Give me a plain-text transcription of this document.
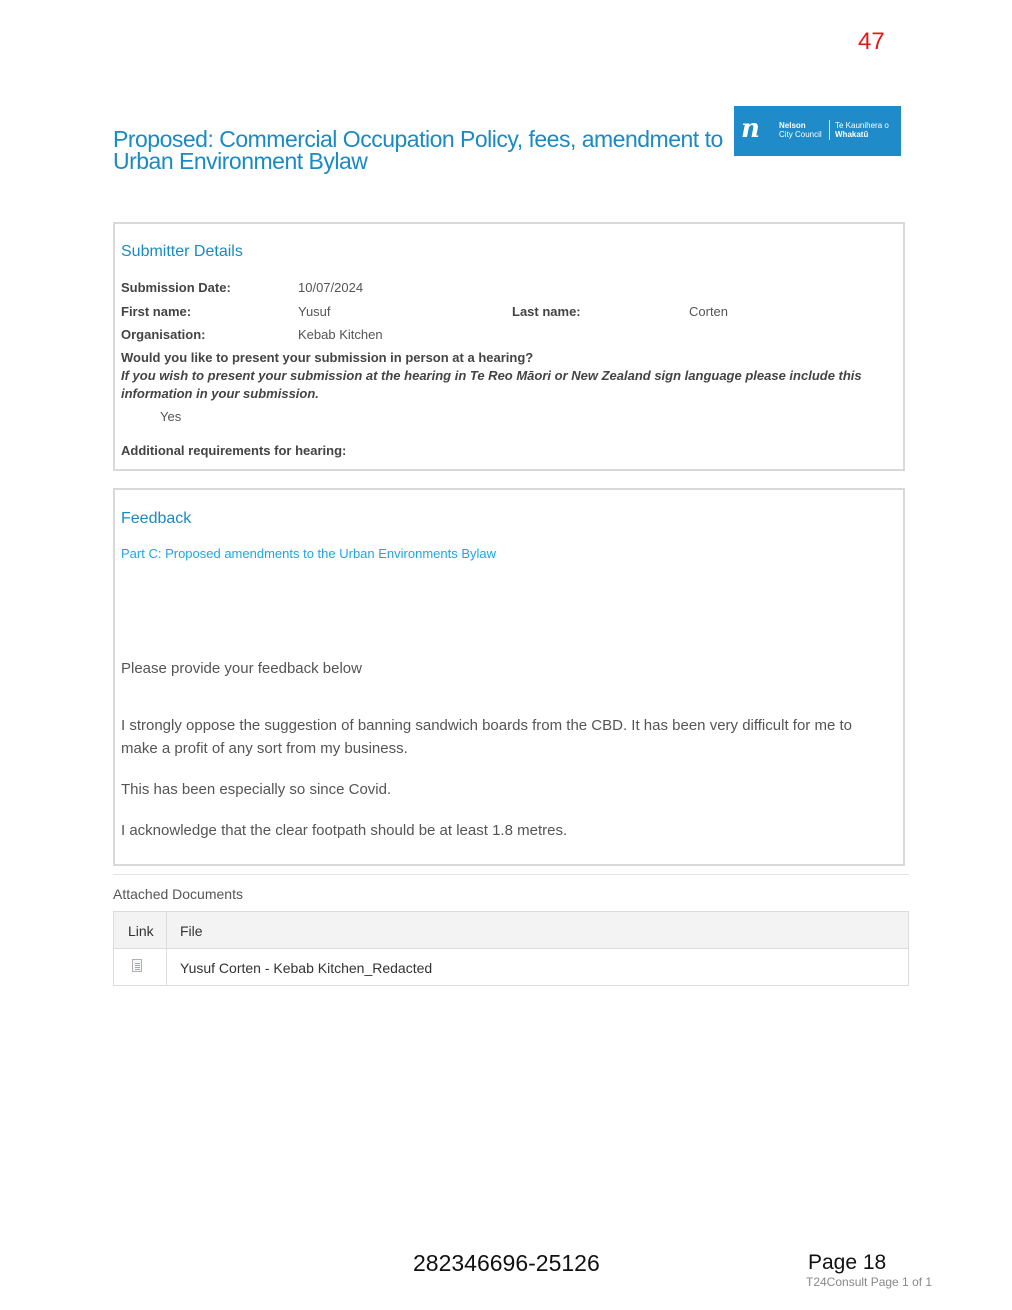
47
Proposed: Commercial Occupation Policy, fees, amendment to Urban Environment Bylaw
n Nelson
City Council
Te Kaunihera o
Whakatū
Submitter Details
Submission Date:	10/07/2024
First name:	Yusuf	Last name:	Corten
Organisation:	Kebab Kitchen
Would you like to present your submission in person at a hearing?
If you wish to present your submission at the hearing in Te Reo Māori or New Zealand sign language please include this information in your submission.
Yes
Additional requirements for hearing:
Feedback
Part C: Proposed amendments to the Urban Environments Bylaw
Please provide your feedback below
I strongly oppose the suggestion of banning sandwich boards from the CBD. It has been very difficult for me to make a profit of any sort from my business.
This has been especially so since Covid.
I acknowledge that the clear footpath should be at least 1.8 metres.
Attached Documents
Link File
Yusuf Corten - Kebab Kitchen_Redacted
282346696-25126	Page 18
T24Consult Page 1 of 1
